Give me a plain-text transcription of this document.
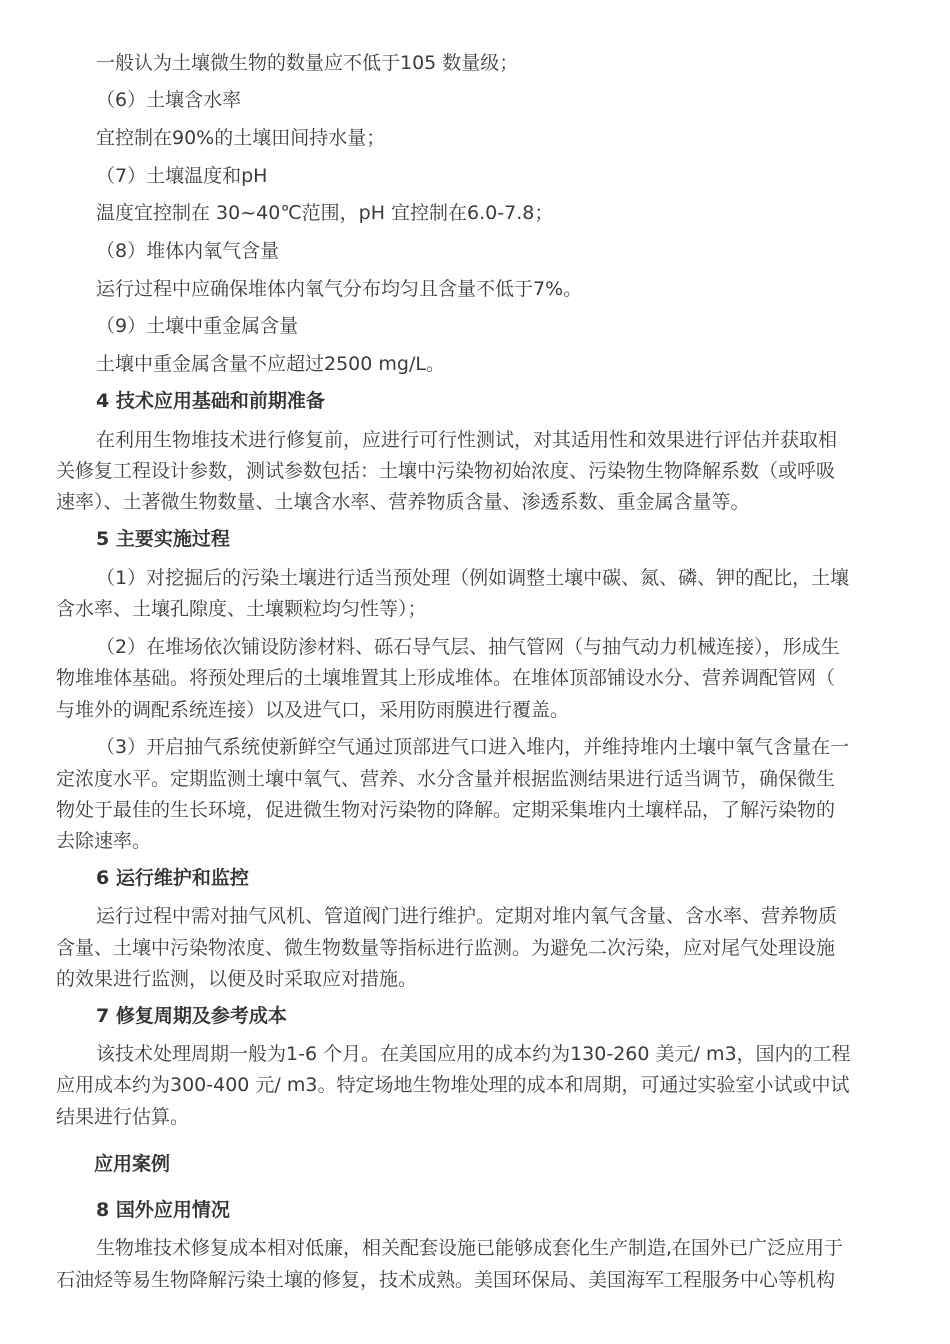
一般认为土壤微生物的数量应不低于105 数量级；
（6）土壤含水率
宜控制在90%的土壤田间持水量；
（7）土壤温度和pH
温度宜控制在 30~40℃范围，pH 宜控制在6.0-7.8；
（8）堆体内氧气含量
运行过程中应确保堆体内氧气分布均匀且含量不低于7%。
（9）土壤中重金属含量
土壤中重金属含量不应超过2500 mg/L。
4 技术应用基础和前期准备
在利用生物堆技术进行修复前，应进行可行性测试，对其适用性和效果进行评估并获取相
关修复工程设计参数，测试参数包括：土壤中污染物初始浓度、污染物生物降解系数（或呼吸
速率）、土著微生物数量、土壤含水率、营养物质含量、渗透系数、重金属含量等。
5 主要实施过程
（1）对挖掘后的污染土壤进行适当预处理（例如调整土壤中碳、氮、磷、钾的配比，土壤
含水率、土壤孔隙度、土壤颗粒均匀性等）；
（2）在堆场依次铺设防渗材料、砾石导气层、抽气管网（与抽气动力机械连接），形成生
物堆堆体基础。将预处理后的土壤堆置其上形成堆体。在堆体顶部铺设水分、营养调配管网（
与堆外的调配系统连接）以及进气口，采用防雨膜进行覆盖。
（3）开启抽气系统使新鲜空气通过顶部进气口进入堆内，并维持堆内土壤中氧气含量在一
定浓度水平。定期监测土壤中氧气、营养、水分含量并根据监测结果进行适当调节，确保微生
物处于最佳的生长环境，促进微生物对污染物的降解。定期采集堆内土壤样品，了解污染物的
去除速率。
6 运行维护和监控
运行过程中需对抽气风机、管道阀门进行维护。定期对堆内氧气含量、含水率、营养物质
含量、土壤中污染物浓度、微生物数量等指标进行监测。为避免二次污染，应对尾气处理设施
的效果进行监测，以便及时采取应对措施。
7 修复周期及参考成本
该技术处理周期一般为1-6 个月。在美国应用的成本约为130-260 美元/ m3，国内的工程
应用成本约为300-400 元/ m3。特定场地生物堆处理的成本和周期，可通过实验室小试或中试
结果进行估算。
应用案例
8 国外应用情况
生物堆技术修复成本相对低廉，相关配套设施已能够成套化生产制造,在国外已广泛应用于
石油烃等易生物降解污染土壤的修复，技术成熟。美国环保局、美国海军工程服务中心等机构
